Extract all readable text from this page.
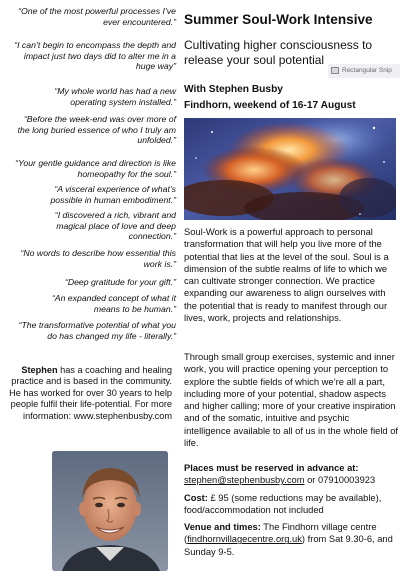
“One of the most powerful processes I’ve ever encountered.”
“I can’t begin to encompass the depth and impact just two days did to alter me in a huge way”
“My whole world has had a new operating system installed.”
“Before the week-end was over more of the long buried essence of who I truly am unfolded.”
“Your gentle guidance and direction is like homeopathy for the soul.”
“A visceral experience of what’s possible in human embodiment.”
“I discovered a rich, vibrant and magical place of love and deep connection.”
“No words to describe how essential this work is.”
“Deep gratitude for your gift.”
“An expanded concept of what it means to be human.”
“The transformative potential of what you do has changed my life - literally.”
Stephen has a coaching and healing practice and is based in the community. He has worked for over 30 years to help people fulfil their life-potential. For more information: www.stephenbusby.com
Summer Soul-Work Intensive
Cultivating higher consciousness to release your soul potential
With Stephen Busby
Findhorn, weekend of 16-17 August
Rectangular Snip
Soul-Work is a powerful approach to personal transformation that will help you live more of the potential that lies at the level of the soul. Soul is a dimension of the subtle realms of life to which we can cultivate stronger connection. We practice expanding our awareness to align ourselves with the potential that is ready to manifest through our lives, work, projects and relationships.
Through small group exercises, systemic and inner work, you will practice opening your perception to explore the subtle fields of which we’re all a part, including more of your potential, shadow aspects and higher calling; more of your creative inspiration and of the somatic, intuitive and psychic intelligence available to all of us in the whole field of life.
Places must be reserved in advance at:
stephen@stephenbusby.com or 07910003923
Cost: £ 95 (some reductions may be available), food/accommodation not included
Venue and times: The Findhorn village centre (findhornvillagecentre.org.uk) from Sat 9.30-6, and Sunday 9-5.
